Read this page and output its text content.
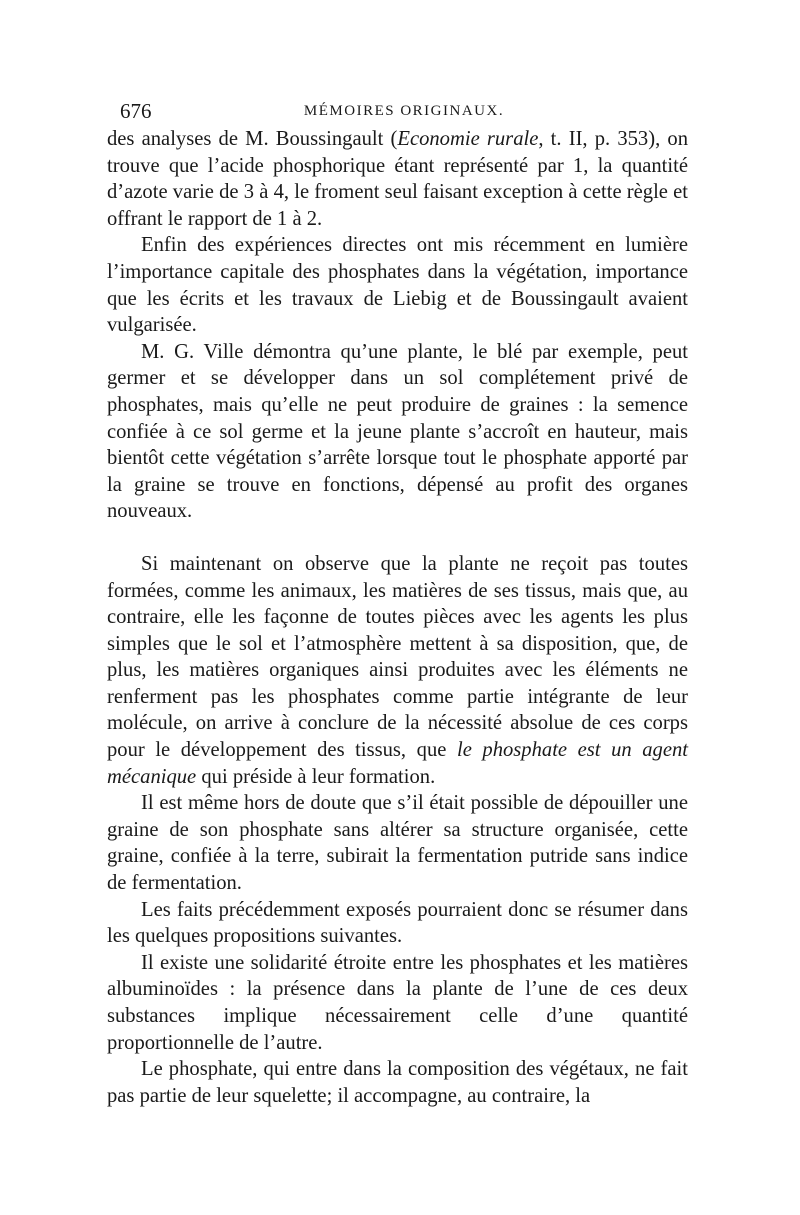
676	MÉMOIRES ORIGINAUX.

des analyses de M. Boussingault (Economie rurale, t. II, p. 353), on trouve que l’acide phosphorique étant représenté par 1, la quantité d’azote varie de 3 à 4, le froment seul faisant exception à cette règle et offrant le rapport de 1 à 2.

Enfin des expériences directes ont mis récemment en lumière l’importance capitale des phosphates dans la végétation, importance que les écrits et les travaux de Liebig et de Boussingault avaient vulgarisée.

M. G. Ville démontra qu’une plante, le blé par exemple, peut germer et se développer dans un sol complétement privé de phosphates, mais qu’elle ne peut produire de graines : la semence confiée à ce sol germe et la jeune plante s’accroît en hauteur, mais bientôt cette végétation s’arrête lorsque tout le phosphate apporté par la graine se trouve en fonctions, dépensé au profit des organes nouveaux.

Si maintenant on observe que la plante ne reçoit pas toutes formées, comme les animaux, les matières de ses tissus, mais que, au contraire, elle les façonne de toutes pièces avec les agents les plus simples que le sol et l’atmosphère mettent à sa disposition, que, de plus, les matières organiques ainsi produites avec les éléments ne renferment pas les phosphates comme partie intégrante de leur molécule, on arrive à conclure de la nécessité absolue de ces corps pour le développement des tissus, que le phosphate est un agent mécanique qui préside à leur formation.

Il est même hors de doute que s’il était possible de dépouiller une graine de son phosphate sans altérer sa structure organisée, cette graine, confiée à la terre, subirait la fermentation putride sans indice de fermentation.

Les faits précédemment exposés pourraient donc se résumer dans les quelques propositions suivantes.

Il existe une solidarité étroite entre les phosphates et les matières albuminoïdes : la présence dans la plante de l’une de ces deux substances implique nécessairement celle d’une quantité proportionnelle de l’autre.

Le phosphate, qui entre dans la composition des végétaux, ne fait pas partie de leur squelette; il accompagne, au contraire, la
